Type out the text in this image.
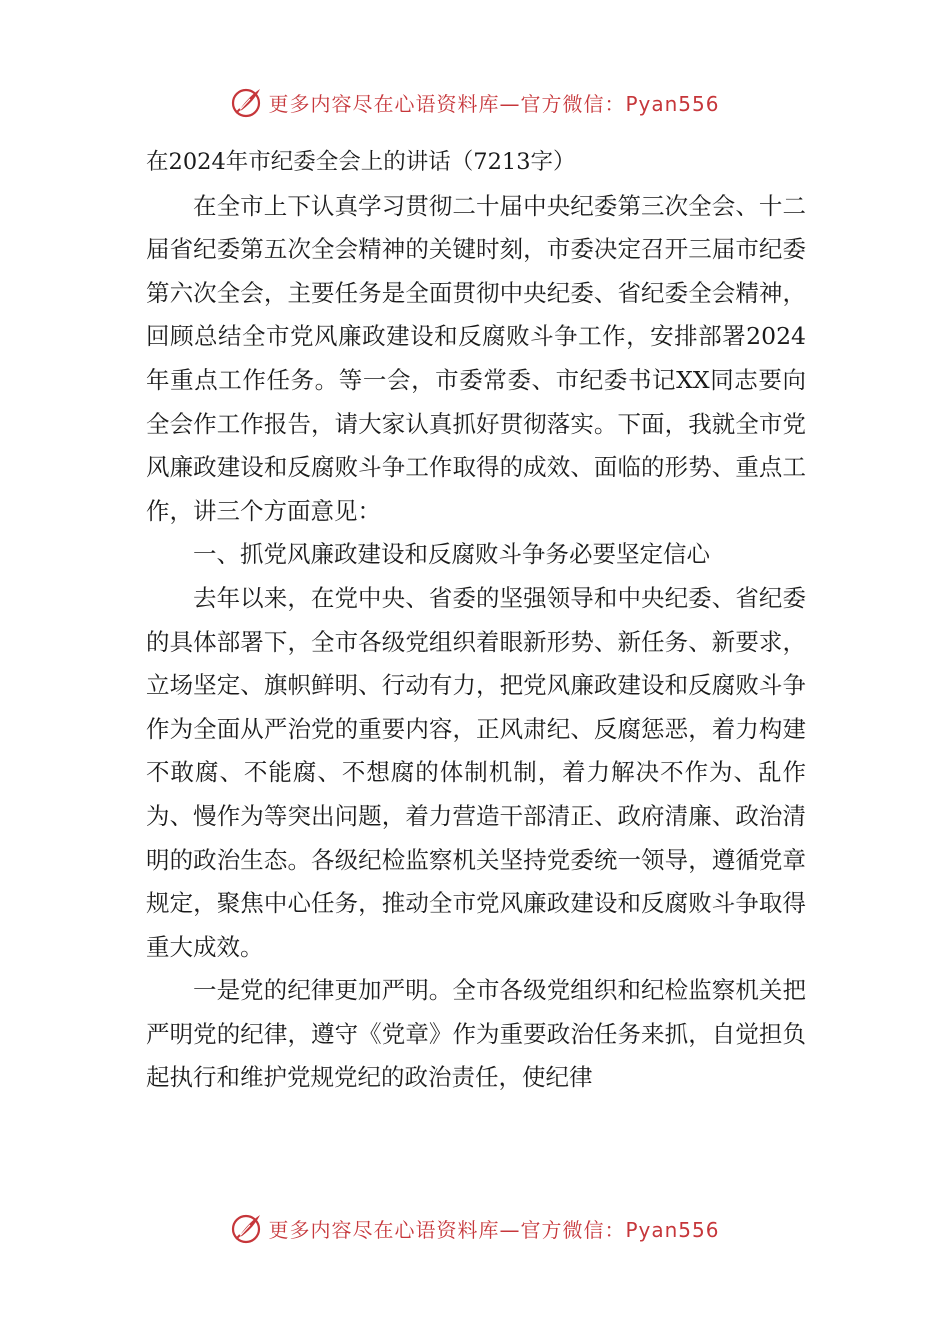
更多内容尽在心语资料库—官方微信：Pyan556

在2024年市纪委全会上的讲话（7213字）

在全市上下认真学习贯彻二十届中央纪委第三次全会、十二届省纪委第五次全会精神的关键时刻，市委决定召开三届市纪委第六次全会，主要任务是全面贯彻中央纪委、省纪委全会精神，回顾总结全市党风廉政建设和反腐败斗争工作，安排部署2024年重点工作任务。等一会，市委常委、市纪委书记XX同志要向全会作工作报告，请大家认真抓好贯彻落实。下面，我就全市党风廉政建设和反腐败斗争工作取得的成效、面临的形势、重点工作，讲三个方面意见：

一、抓党风廉政建设和反腐败斗争务必要坚定信心

去年以来，在党中央、省委的坚强领导和中央纪委、省纪委的具体部署下，全市各级党组织着眼新形势、新任务、新要求，立场坚定、旗帜鲜明、行动有力，把党风廉政建设和反腐败斗争作为全面从严治党的重要内容，正风肃纪、反腐惩恶，着力构建不敢腐、不能腐、不想腐的体制机制，着力解决不作为、乱作为、慢作为等突出问题，着力营造干部清正、政府清廉、政治清明的政治生态。各级纪检监察机关坚持党委统一领导，遵循党章规定，聚焦中心任务，推动全市党风廉政建设和反腐败斗争取得重大成效。

一是党的纪律更加严明。全市各级党组织和纪检监察机关把严明党的纪律，遵守《党章》作为重要政治任务来抓，自觉担负起执行和维护党规党纪的政治责任，使纪律

更多内容尽在心语资料库—官方微信：Pyan556
